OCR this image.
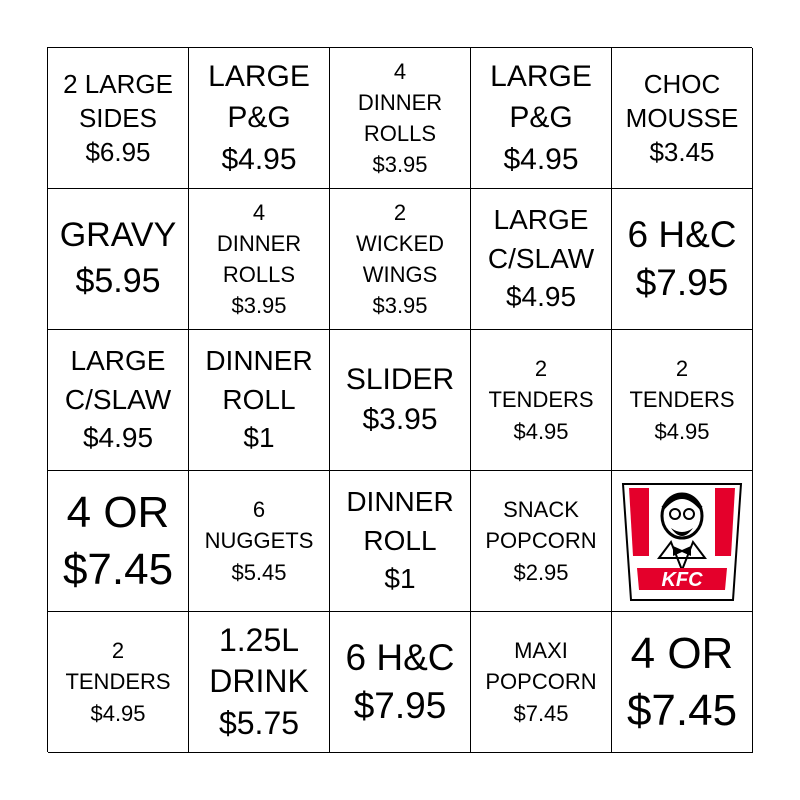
2 LARGE
SIDES
$6.95
LARGE
P&G
$4.95
4
DINNER
ROLLS
$3.95
LARGE
P&G
$4.95
CHOC
MOUSSE
$3.45
GRAVY
$5.95
4
DINNER
ROLLS
$3.95
2
WICKED
WINGS
$3.95
LARGE
C/SLAW
$4.95
6 H&C
$7.95
LARGE
C/SLAW
$4.95
DINNER
ROLL
$1
SLIDER
$3.95
2
TENDERS
$4.95
2
TENDERS
$4.95
4 OR
$7.45
6
NUGGETS
$5.45
DINNER
ROLL
$1
SNACK
POPCORN
$2.95	KFC
2
TENDERS
$4.95
1.25L
DRINK
$5.75
6 H&C
$7.95
MAXI
POPCORN
$7.45
4 OR
$7.45
